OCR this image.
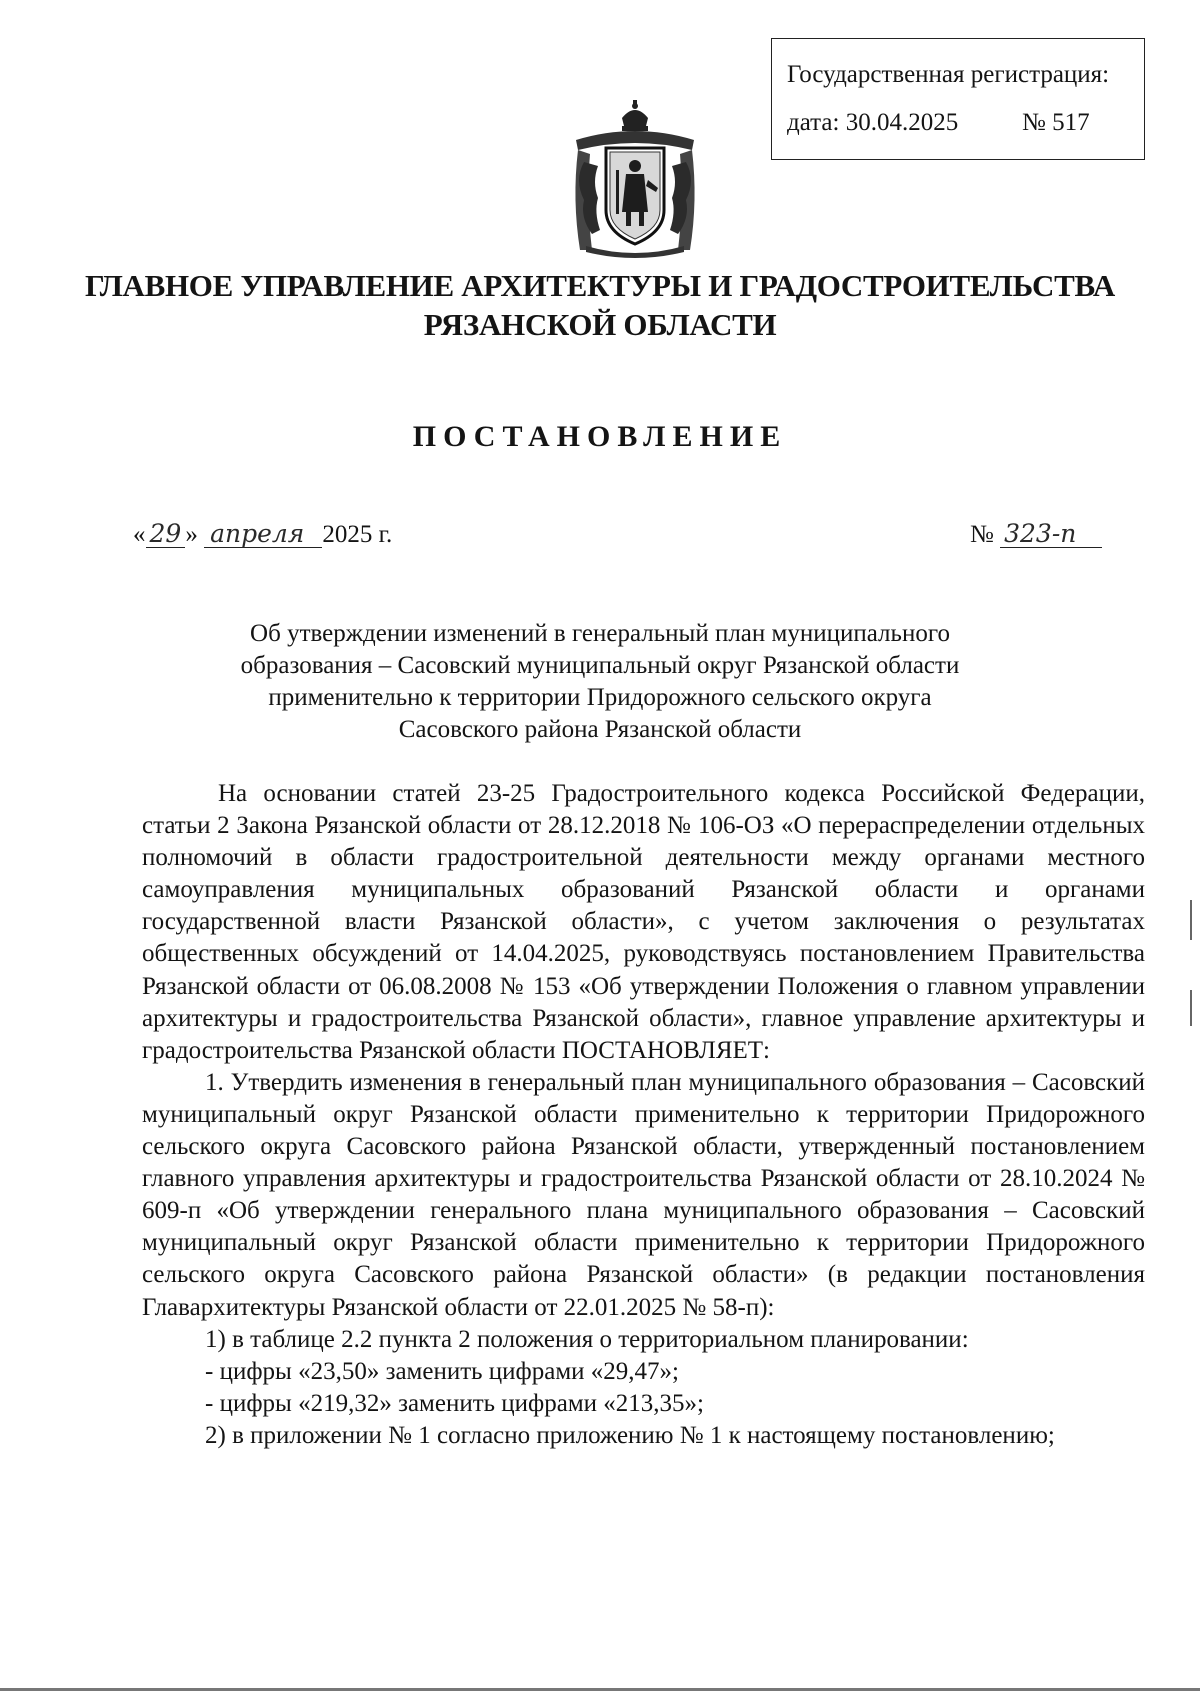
Государственная регистрация:
дата: 30.04.2025	№ 517
ГЛАВНОЕ УПРАВЛЕНИЕ АРХИТЕКТУРЫ И ГРАДОСТРОИТЕЛЬСТВА
РЯЗАНСКОЙ ОБЛАСТИ
ПОСТАНОВЛЕНИЕ
« 29 » апреля 2025 г.	№ 323-п
Об утверждении изменений в генеральный план муниципального
образования – Сасовский муниципальный округ Рязанской области
применительно к территории Придорожного сельского округа
Сасовского района Рязанской области

На основании статей 23-25 Градостроительного кодекса Российской Федерации, статьи 2 Закона Рязанской области от 28.12.2018 № 106-ОЗ «О перераспределении отдельных полномочий в области градостроительной деятельности между органами местного самоуправления муниципальных образований Рязанской области и органами государственной власти Рязанской области», с учетом заключения о результатах общественных обсуждений от 14.04.2025, руководствуясь постановлением Правительства Рязанской области от 06.08.2008 № 153 «Об утверждении Положения о главном управлении архитектуры и градостроительства Рязанской области», главное управление архитектуры и градостроительства Рязанской области ПОСТАНОВЛЯЕТ:

1. Утвердить изменения в генеральный план муниципального образования – Сасовский муниципальный округ Рязанской области применительно к территории Придорожного сельского округа Сасовского района Рязанской области, утвержденный постановлением главного управления архитектуры и градостроительства Рязанской области от 28.10.2024 № 609-п «Об утверждении генерального плана муниципального образования – Сасовский муниципальный округ Рязанской области применительно к территории Придорожного сельского округа Сасовского района Рязанской области» (в редакции постановления Главархитектуры Рязанской области от 22.01.2025 № 58-п):

1) в таблице 2.2 пункта 2 положения о территориальном планировании:

- цифры «23,50» заменить цифрами «29,47»;

- цифры «219,32» заменить цифрами «213,35»;

2) в приложении № 1 согласно приложению № 1 к настоящему постановлению;
